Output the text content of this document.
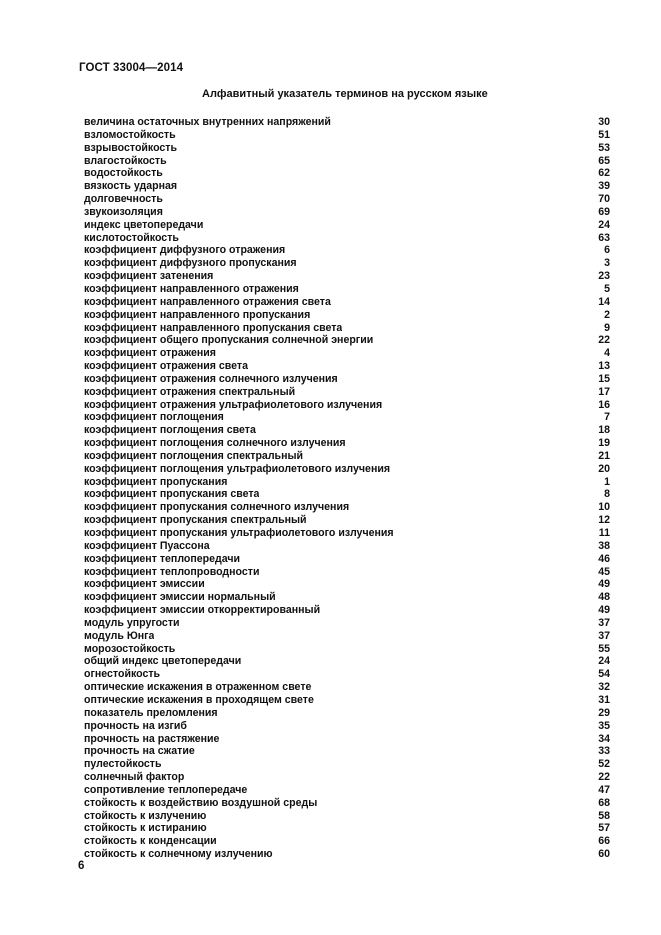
ГОСТ 33004—2014
Алфавитный указатель терминов на русском языке
величина остаточных внутренних напряжений	30
взломостойкость	51
взрывостойкость	53
влагостойкость	65
водостойкость	62
вязкость ударная	39
долговечность	70
звукоизоляция	69
индекс цветопередачи	24
кислотостойкость	63
коэффициент диффузного отражения	6
коэффициент диффузного пропускания	3
коэффициент затенения	23
коэффициент направленного отражения	5
коэффициент направленного отражения света	14
коэффициент направленного пропускания	2
коэффициент направленного пропускания света	9
коэффициент общего пропускания солнечной энергии	22
коэффициент отражения	4
коэффициент отражения света	13
коэффициент отражения солнечного излучения	15
коэффициент отражения спектральный	17
коэффициент отражения ультрафиолетового излучения	16
коэффициент поглощения	7
коэффициент поглощения света	18
коэффициент поглощения солнечного излучения	19
коэффициент поглощения спектральный	21
коэффициент поглощения ультрафиолетового излучения	20
коэффициент пропускания	1
коэффициент пропускания света	8
коэффициент пропускания солнечного излучения	10
коэффициент пропускания спектральный	12
коэффициент пропускания ультрафиолетового излучения	11
коэффициент Пуассона	38
коэффициент теплопередачи	46
коэффициент теплопроводности	45
коэффициент эмиссии	49
коэффициент эмиссии нормальный	48
коэффициент эмиссии откорректированный	49
модуль упругости	37
модуль Юнга	37
морозостойкость	55
общий индекс цветопередачи	24
огнестойкость	54
оптические искажения в отраженном свете	32
оптические искажения в проходящем свете	31
показатель преломления	29
прочность на изгиб	35
прочность на растяжение	34
прочность на сжатие	33
пулестойкость	52
солнечный фактор	22
сопротивление теплопередаче	47
стойкость к воздействию воздушной среды	68
стойкость к излучению	58
стойкость к истиранию	57
стойкость к конденсации	66
стойкость к солнечному излучению	60
6
